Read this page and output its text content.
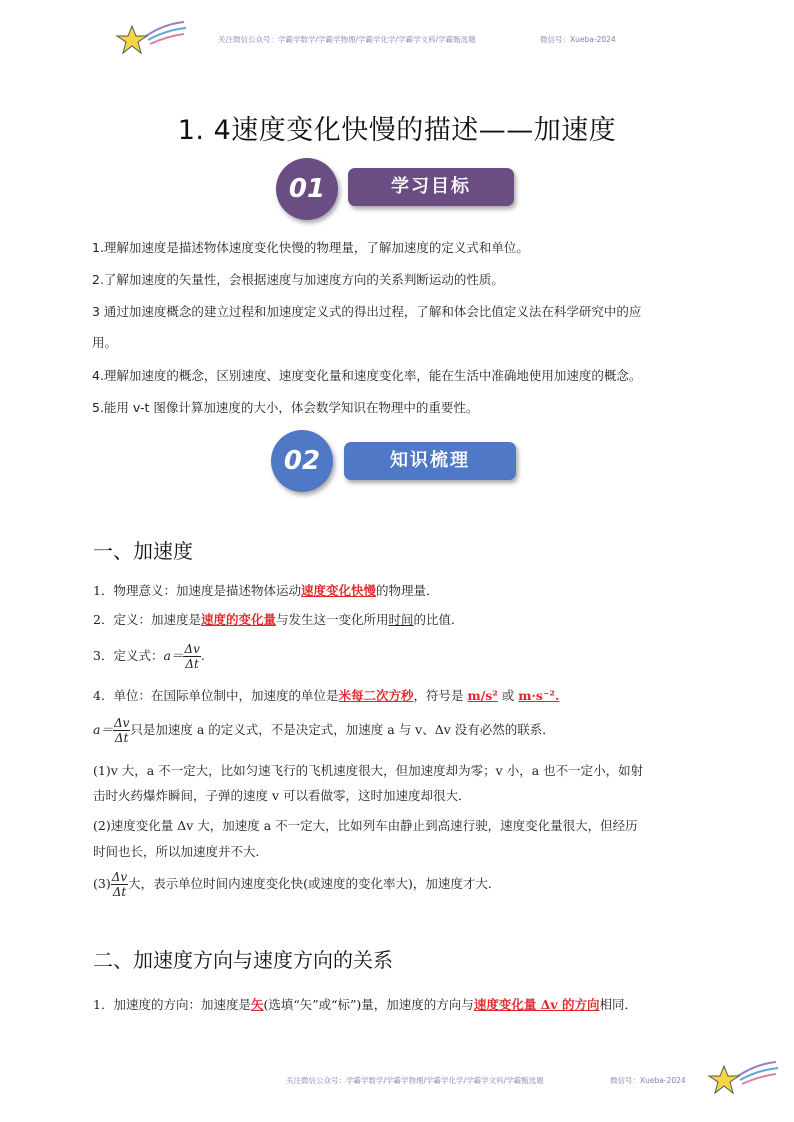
关注微信公众号：学霸学数学/学霸学物理/学霸学化学/学霸学文科/学霸甄选题	微信号：Xueba-2024
1. 4速度变化快慢的描述——加速度
01	学习目标
1.理解加速度是描述物体速度变化快慢的物理量，了解加速度的定义式和单位。
2.了解加速度的矢量性，会根据速度与加速度方向的关系判断运动的性质。
3 通过加速度概念的建立过程和加速度定义式的得出过程，了解和体会比值定义法在科学研究中的应
用。
4.理解加速度的概念，区别速度、速度变化量和速度变化率，能在生活中准确地使用加速度的概念。
5.能用 v-t 图像计算加速度的大小，体会数学知识在物理中的重要性。
02	知识梳理
一、加速度
1．物理意义：加速度是描述物体运动速度变化快慢的物理量．
2．定义：加速度是速度的变化量与发生这一变化所用时间的比值．
3．定义式：$a= \frac{\Delta v}{\Delta t}$ .
4．单位：在国际单位制中，加速度的单位是米每二次方秒，符号是 m/s² 或 m·s⁻².
$a= \frac{\Delta v}{\Delta t}$ 只是加速度 a 的定义式，不是决定式，加速度 a 与 v、Δv 没有必然的联系．
(1)v 大，a 不一定大，比如匀速飞行的飞机速度很大，但加速度却为零；v 小，a 也不一定小，如射
击时火药爆炸瞬间，子弹的速度 v 可以看做零，这时加速度却很大．
(2)速度变化量 Δv 大，加速度 a 不一定大，比如列车由静止到高速行驶，速度变化量很大，但经历
时间也长，所以加速度并不大．
$(3) \frac{\Delta v}{\Delta t}$ 大，表示单位时间内速度变化快(或速度的变化率大)，加速度才大．
二、加速度方向与速度方向的关系
1．加速度的方向：加速度是矢(选填“矢”或“标”)量，加速度的方向与速度变化量 Δv 的方向相同．
关注微信公众号：学霸学数学/学霸学物理/学霸学化学/学霸学文科/学霸甄选题	微信号：Xueba-2024
